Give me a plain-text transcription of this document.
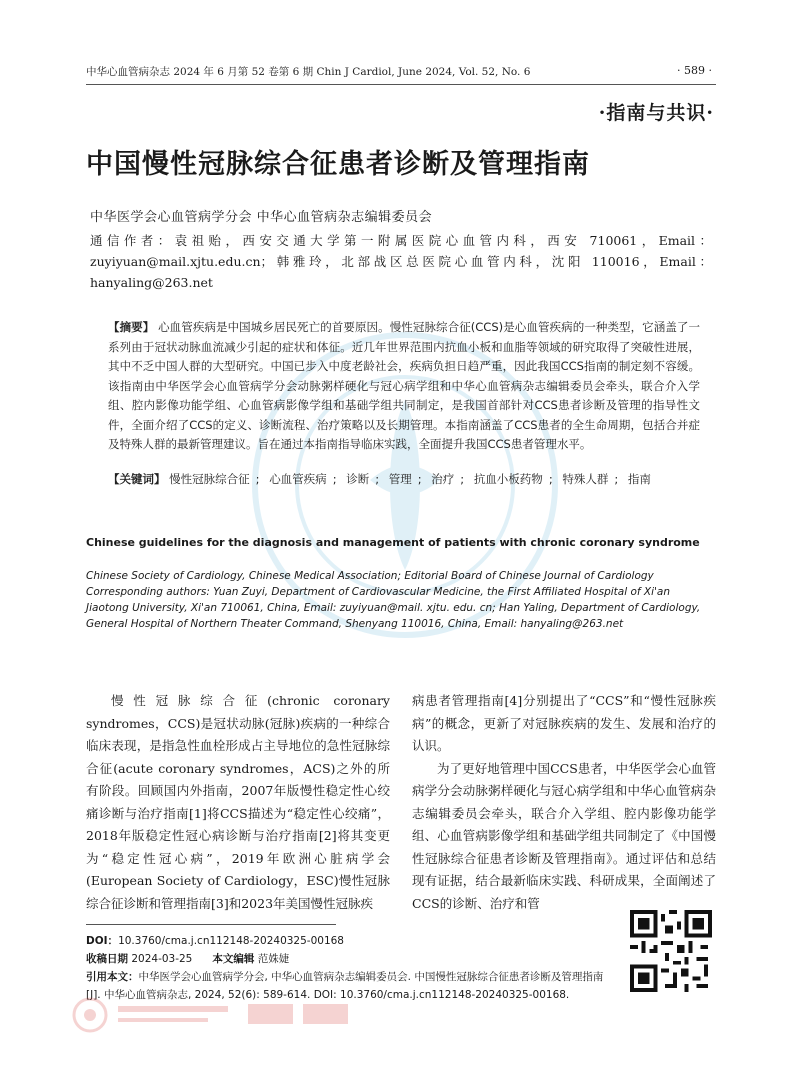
中华心血管病杂志 2024 年 6 月第 52 卷第 6 期 Chin J Cardiol, June 2024, Vol. 52, No. 6	· 589 ·
·指南与共识·
中国慢性冠脉综合征患者诊断及管理指南
中华医学会心血管病学分会 中华心血管病杂志编辑委员会
通信作者：袁祖贻，西安交通大学第一附属医院心血管内科，西安 710061，Email：zuyiyuan@mail.xjtu.edu.cn；韩雅玲，北部战区总医院心血管内科，沈阳 110016，Email：hanyaling@263.net
【摘要】 心血管疾病是中国城乡居民死亡的首要原因。慢性冠脉综合征(CCS)是心血管疾病的一种类型，它涵盖了一系列由于冠状动脉血流减少引起的症状和体征。近几年世界范围内抗血小板和血脂等领域的研究取得了突破性进展，其中不乏中国人群的大型研究。中国已步入中度老龄社会，疾病负担日趋严重，因此我国CCS指南的制定刻不容缓。该指南由中华医学会心血管病学分会动脉粥样硬化与冠心病学组和中华心血管病杂志编辑委员会牵头，联合介入学组、腔内影像功能学组、心血管病影像学组和基础学组共同制定，是我国首部针对CCS患者诊断及管理的指导性文件，全面介绍了CCS的定义、诊断流程、治疗策略以及长期管理。本指南涵盖了CCS患者的全生命周期，包括合并症及特殊人群的最新管理建议。旨在通过本指南指导临床实践，全面提升我国CCS患者管理水平。
【关键词】 慢性冠脉综合征 ; 心血管疾病 ; 诊断 ; 管理 ; 治疗 ; 抗血小板药物 ; 特殊人群 ; 指南
Chinese guidelines for the diagnosis and management of patients with chronic coronary syndrome
Chinese Society of Cardiology, Chinese Medical Association; Editorial Board of Chinese Journal of Cardiology
Corresponding authors: Yuan Zuyi, Department of Cardiovascular Medicine, the First Affiliated Hospital of Xi'an Jiaotong University, Xi'an 710061, China, Email: zuyiyuan@mail. xjtu. edu. cn; Han Yaling, Department of Cardiology, General Hospital of Northern Theater Command, Shenyang 110016, China, Email: hanyaling@263.net
慢性冠脉综合征(chronic coronary syndromes，CCS)是冠状动脉(冠脉)疾病的一种综合临床表现，是指急性血栓形成占主导地位的急性冠脉综合征(acute coronary syndromes，ACS)之外的所有阶段。回顾国内外指南，2007年版慢性稳定性心绞痛诊断与治疗指南[1]将CCS描述为“稳定性心绞痛”，2018年版稳定性冠心病诊断与治疗指南[2]将其变更为“稳定性冠心病”，2019年欧洲心脏病学会(European Society of Cardiology，ESC)慢性冠脉综合征诊断和管理指南[3]和2023年美国慢性冠脉疾
病患者管理指南[4]分别提出了“CCS”和“慢性冠脉疾病”的概念，更新了对冠脉疾病的发生、发展和治疗的认识。
为了更好地管理中国CCS患者，中华医学会心血管病学分会动脉粥样硬化与冠心病学组和中华心血管病杂志编辑委员会牵头，联合介入学组、腔内影像功能学组、心血管病影像学组和基础学组共同制定了《中国慢性冠脉综合征患者诊断及管理指南》。通过评估和总结现有证据，结合最新临床实践、科研成果，全面阐述了CCS的诊断、治疗和管
DOI：10.3760/cma.j.cn112148-20240325-00168
收稿日期 2024-03-25 本文编辑 范姝婕
引用本文：中华医学会心血管病学分会, 中华心血管病杂志编辑委员会. 中国慢性冠脉综合征患者诊断及管理指南[J]. 中华心血管病杂志, 2024, 52(6): 589-614. DOI: 10.3760/cma.j.cn112148-20240325-00168.
